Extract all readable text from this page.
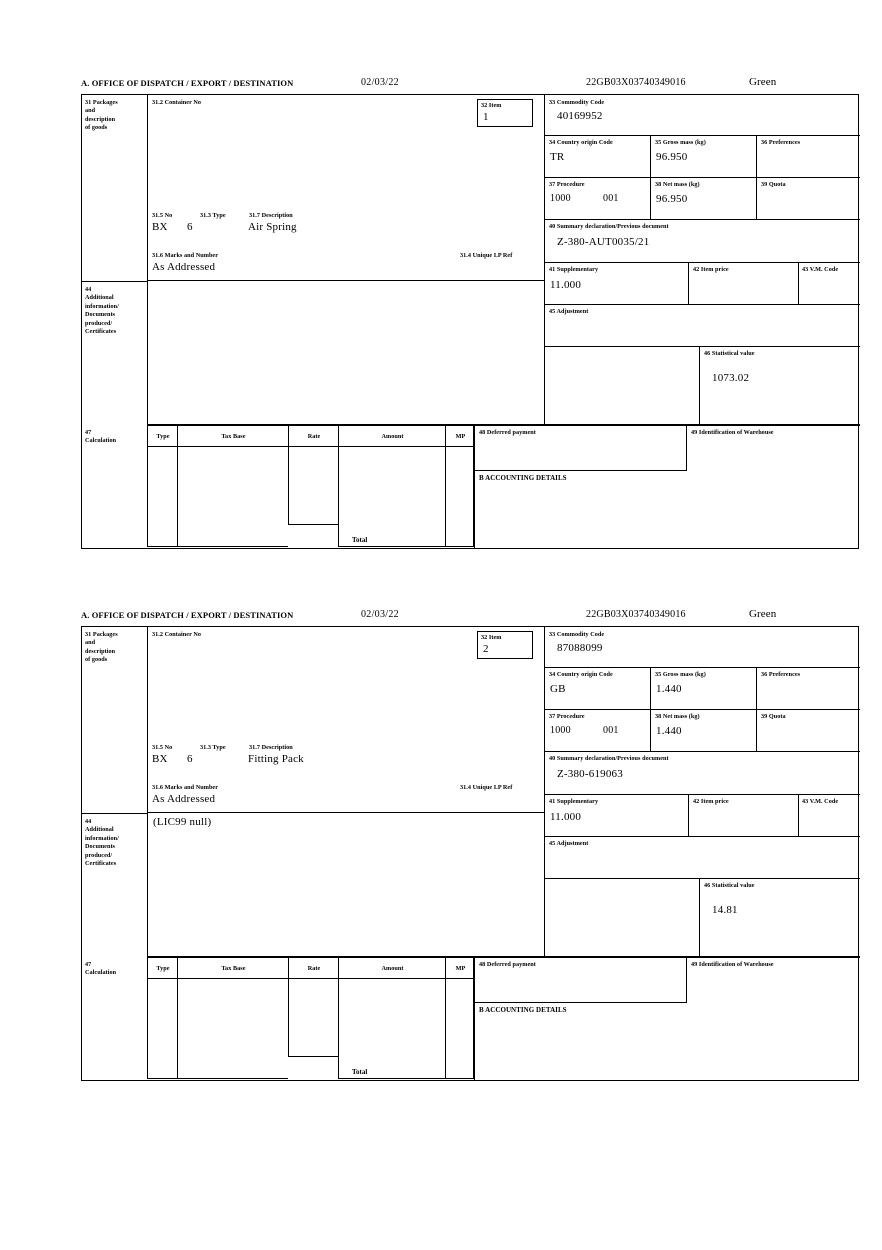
A. OFFICE OF DISPATCH / EXPORT / DESTINATION	02/03/22	22GB03X03740349016	Green
31 Packages
and
description
of goods
31.2 Container No
31.5 No	31.3 Type	31.7 Description
BX 6	Air Spring
31.6 Marks and Number	31.4 Unique I.P Ref
As Addressed
32 Item
1
33 Commodity Code
40169952
34 Country origin Code
TR
35 Gross mass (kg)
96.950
36 Preferences
37 Procedure
1000	001
38 Net mass (kg)
96.950
39 Quota
40 Summary declaration/Previous document
Z-380-AUT0035/21
41 Supplementary
11.000
42 Item price	43 V.M. Code
44
Additional
information/
Documents
produced/
Certificates
45 Adjustment
46 Statistical value
1073.02
47
Calculation
Type	Tax Base	Rate	Amount	MP
Total
48 Deferred payment	49 Identification of Warehouse
B ACCOUNTING DETAILS
A. OFFICE OF DISPATCH / EXPORT / DESTINATION	02/03/22	22GB03X03740349016	Green
31 Packages
and
description
of goods
31.2 Container No
31.5 No	31.3 Type	31.7 Description
BX 6	Fitting Pack
31.6 Marks and Number	31.4 Unique I.P Ref
As Addressed
32 Item
2
33 Commodity Code
87088099
34 Country origin Code
GB
35 Gross mass (kg)
1.440
36 Preferences
37 Procedure
1000	001
38 Net mass (kg)
1.440
39 Quota
40 Summary declaration/Previous document
Z-380-619063
41 Supplementary
11.000
42 Item price	43 V.M. Code
44
Additional
information/
Documents
produced/
Certificates
(LIC99 null)
45 Adjustment
46 Statistical value
14.81
47
Calculation
Type	Tax Base	Rate	Amount	MP
Total
48 Deferred payment	49 Identification of Warehouse
B ACCOUNTING DETAILS
